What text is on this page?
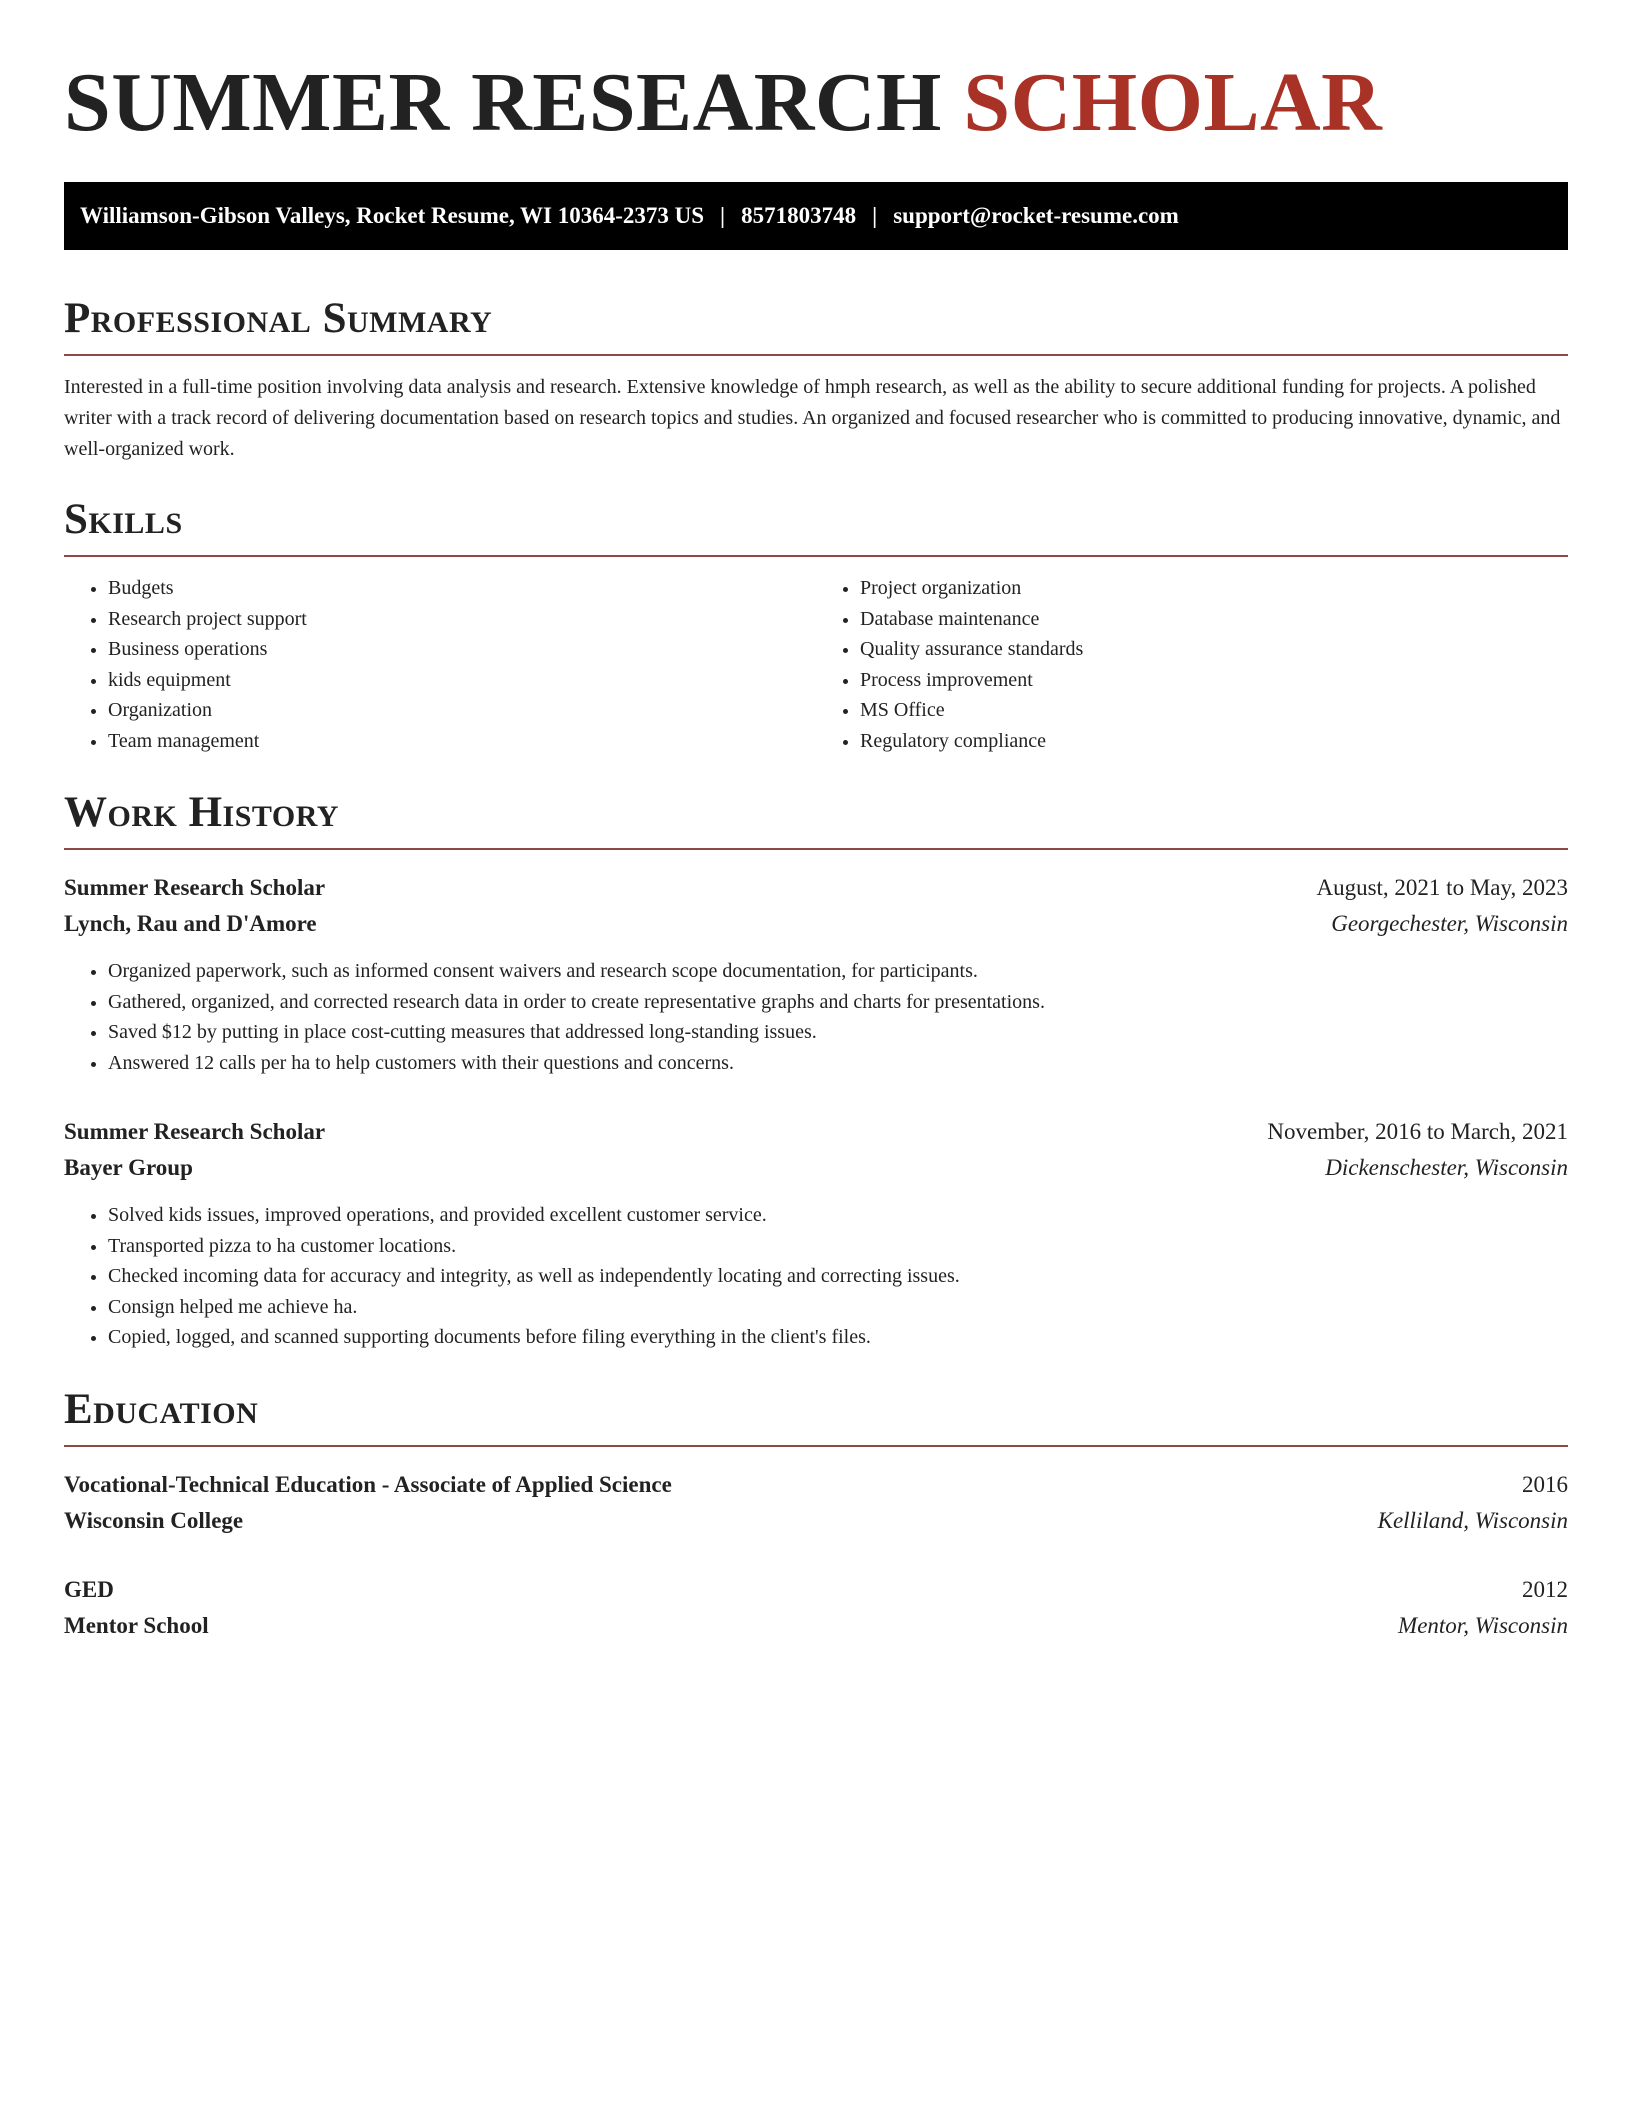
SUMMER RESEARCH SCHOLAR
Williamson-Gibson Valleys, Rocket Resume, WI 10364-2373 US | 8571803748 | support@rocket-resume.com
Professional Summary

Interested in a full-time position involving data analysis and research. Extensive knowledge of hmph research, as well as the ability to secure additional funding for projects. A polished writer with a track record of delivering documentation based on research topics and studies. An organized and focused researcher who is committed to producing innovative, dynamic, and well-organized work.

Skills
• Budgets
• Research project support
• Business operations
• kids equipment
• Organization
• Team management
• Project organization
• Database maintenance
• Quality assurance standards
• Process improvement
• MS Office
• Regulatory compliance
Work History
Summer Research Scholar	August, 2021 to May, 2023
Lynch, Rau and D'Amore	Georgechester, Wisconsin
• Organized paperwork, such as informed consent waivers and research scope documentation, for participants.
• Gathered, organized, and corrected research data in order to create representative graphs and charts for presentations.
• Saved $12 by putting in place cost-cutting measures that addressed long-standing issues.
• Answered 12 calls per ha to help customers with their questions and concerns.
Summer Research Scholar	November, 2016 to March, 2021
Bayer Group	Dickenschester, Wisconsin
• Solved kids issues, improved operations, and provided excellent customer service.
• Transported pizza to ha customer locations.
• Checked incoming data for accuracy and integrity, as well as independently locating and correcting issues.
• Consign helped me achieve ha.
• Copied, logged, and scanned supporting documents before filing everything in the client's files.
Education
Vocational-Technical Education - Associate of Applied Science	2016
Wisconsin College	Kelliland, Wisconsin
GED	2012
Mentor School	Mentor, Wisconsin
